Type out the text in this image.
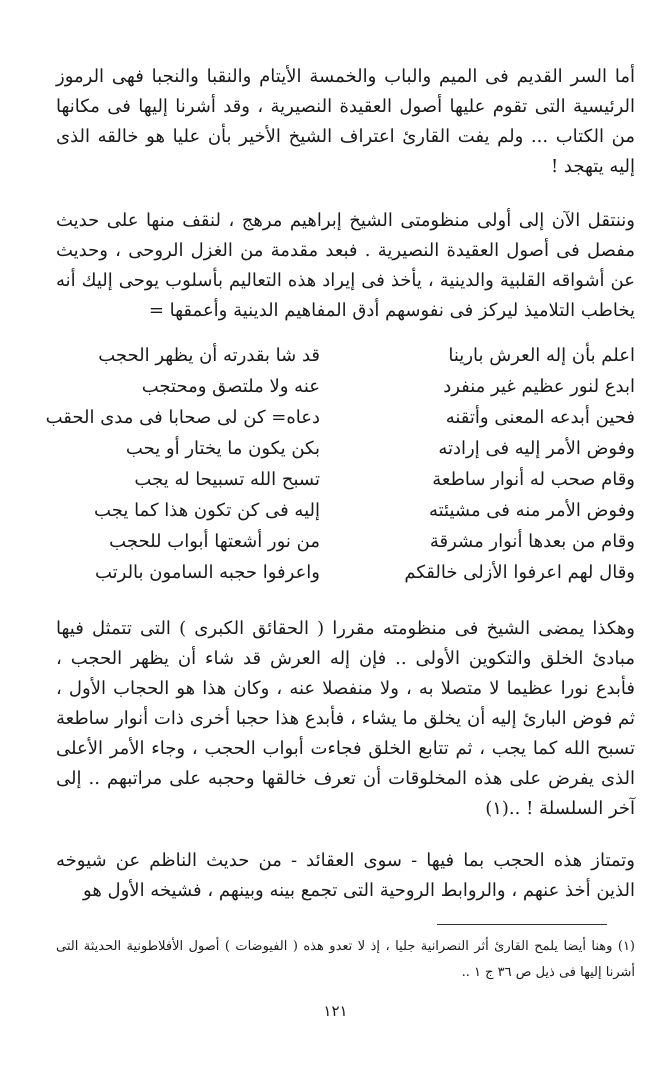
أما السر القديم فى الميم والباب والخمسة الأيتام والنقبا والنجبا فهى الرموز الرئيسية التى تقوم عليها أصول العقيدة النصيرية ، وقد أشرنا إليها فى مكانها من الكتاب ... ولم يفت القارئ اعتراف الشيخ الأخير بأن عليا هو خالقه الذى إليه يتهجد !

وننتقل الآن إلى أولى منظومتى الشيخ إبراهيم مرهج ، لنقف منها على حديث مفصل فى أصول العقيدة النصيرية . فبعد مقدمة من الغزل الروحى ، وحديث عن أشواقه القلبية والدينية ، يأخذ فى إيراد هذه التعاليم بأسلوب يوحى إليك أنه يخاطب التلاميذ ليركز فى نفوسهم أدق المفاهيم الدينية وأعمقها =

اعلم بأن إله العرش بارينا
قد شا بقدرته أن يظهر الحجب
ابدع لنور عظيم غير منفرد
عنه ولا ملتصق ومحتجب
فحين أبدعه المعنى وأتقنه
دعاه= كن لى صحابا فى مدى الحقب
وفوض الأمر إليه فى إرادته
بكن يكون ما يختار أو يحب
وقام صحب له أنوار ساطعة
تسبح الله تسبيحا له يجب
وفوض الأمر منه فى مشيئته
إليه فى كن تكون هذا كما يجب
وقام من بعدها أنوار مشرقة
من نور أشعتها أبواب للحجب
وقال لهم اعرفوا الأزلى خالقكم
واعرفوا حجبه السامون بالرتب

وهكذا يمضى الشيخ فى منظومته مقررا ( الحقائق الكبرى ) التى تتمثل فيها مبادئ الخلق والتكوين الأولى .. فإن إله العرش قد شاء أن يظهر الحجب ، فأبدع نورا عظيما لا متصلا به ، ولا منفصلا عنه ، وكان هذا هو الحجاب الأول ، ثم فوض البارئ إليه أن يخلق ما يشاء ، فأبدع هذا حجبا أخرى ذات أنوار ساطعة تسبح الله كما يجب ، ثم تتابع الخلق فجاءت أبواب الحجب ، وجاء الأمر الأعلى الذى يفرض على هذه المخلوقات أن تعرف خالقها وحجبه على مراتبهم .. إلى آخر السلسلة ! ..(١)

وتمتاز هذه الحجب بما فيها - سوى العقائد - من حديث الناظم عن شيوخه الذين أخذ عنهم ، والروابط الروحية التى تجمع بينه وبينهم ، فشيخه الأول هو

(١) وهنا أيضا يلمح القارئ أثر النصرانية جليا ، إذ لا تعدو هذه ( الفيوضات ) أصول الأفلاطونية الحديثة التى أشرنا إليها فى ذيل ص ٣٦ ج ١ ..

١٢١
